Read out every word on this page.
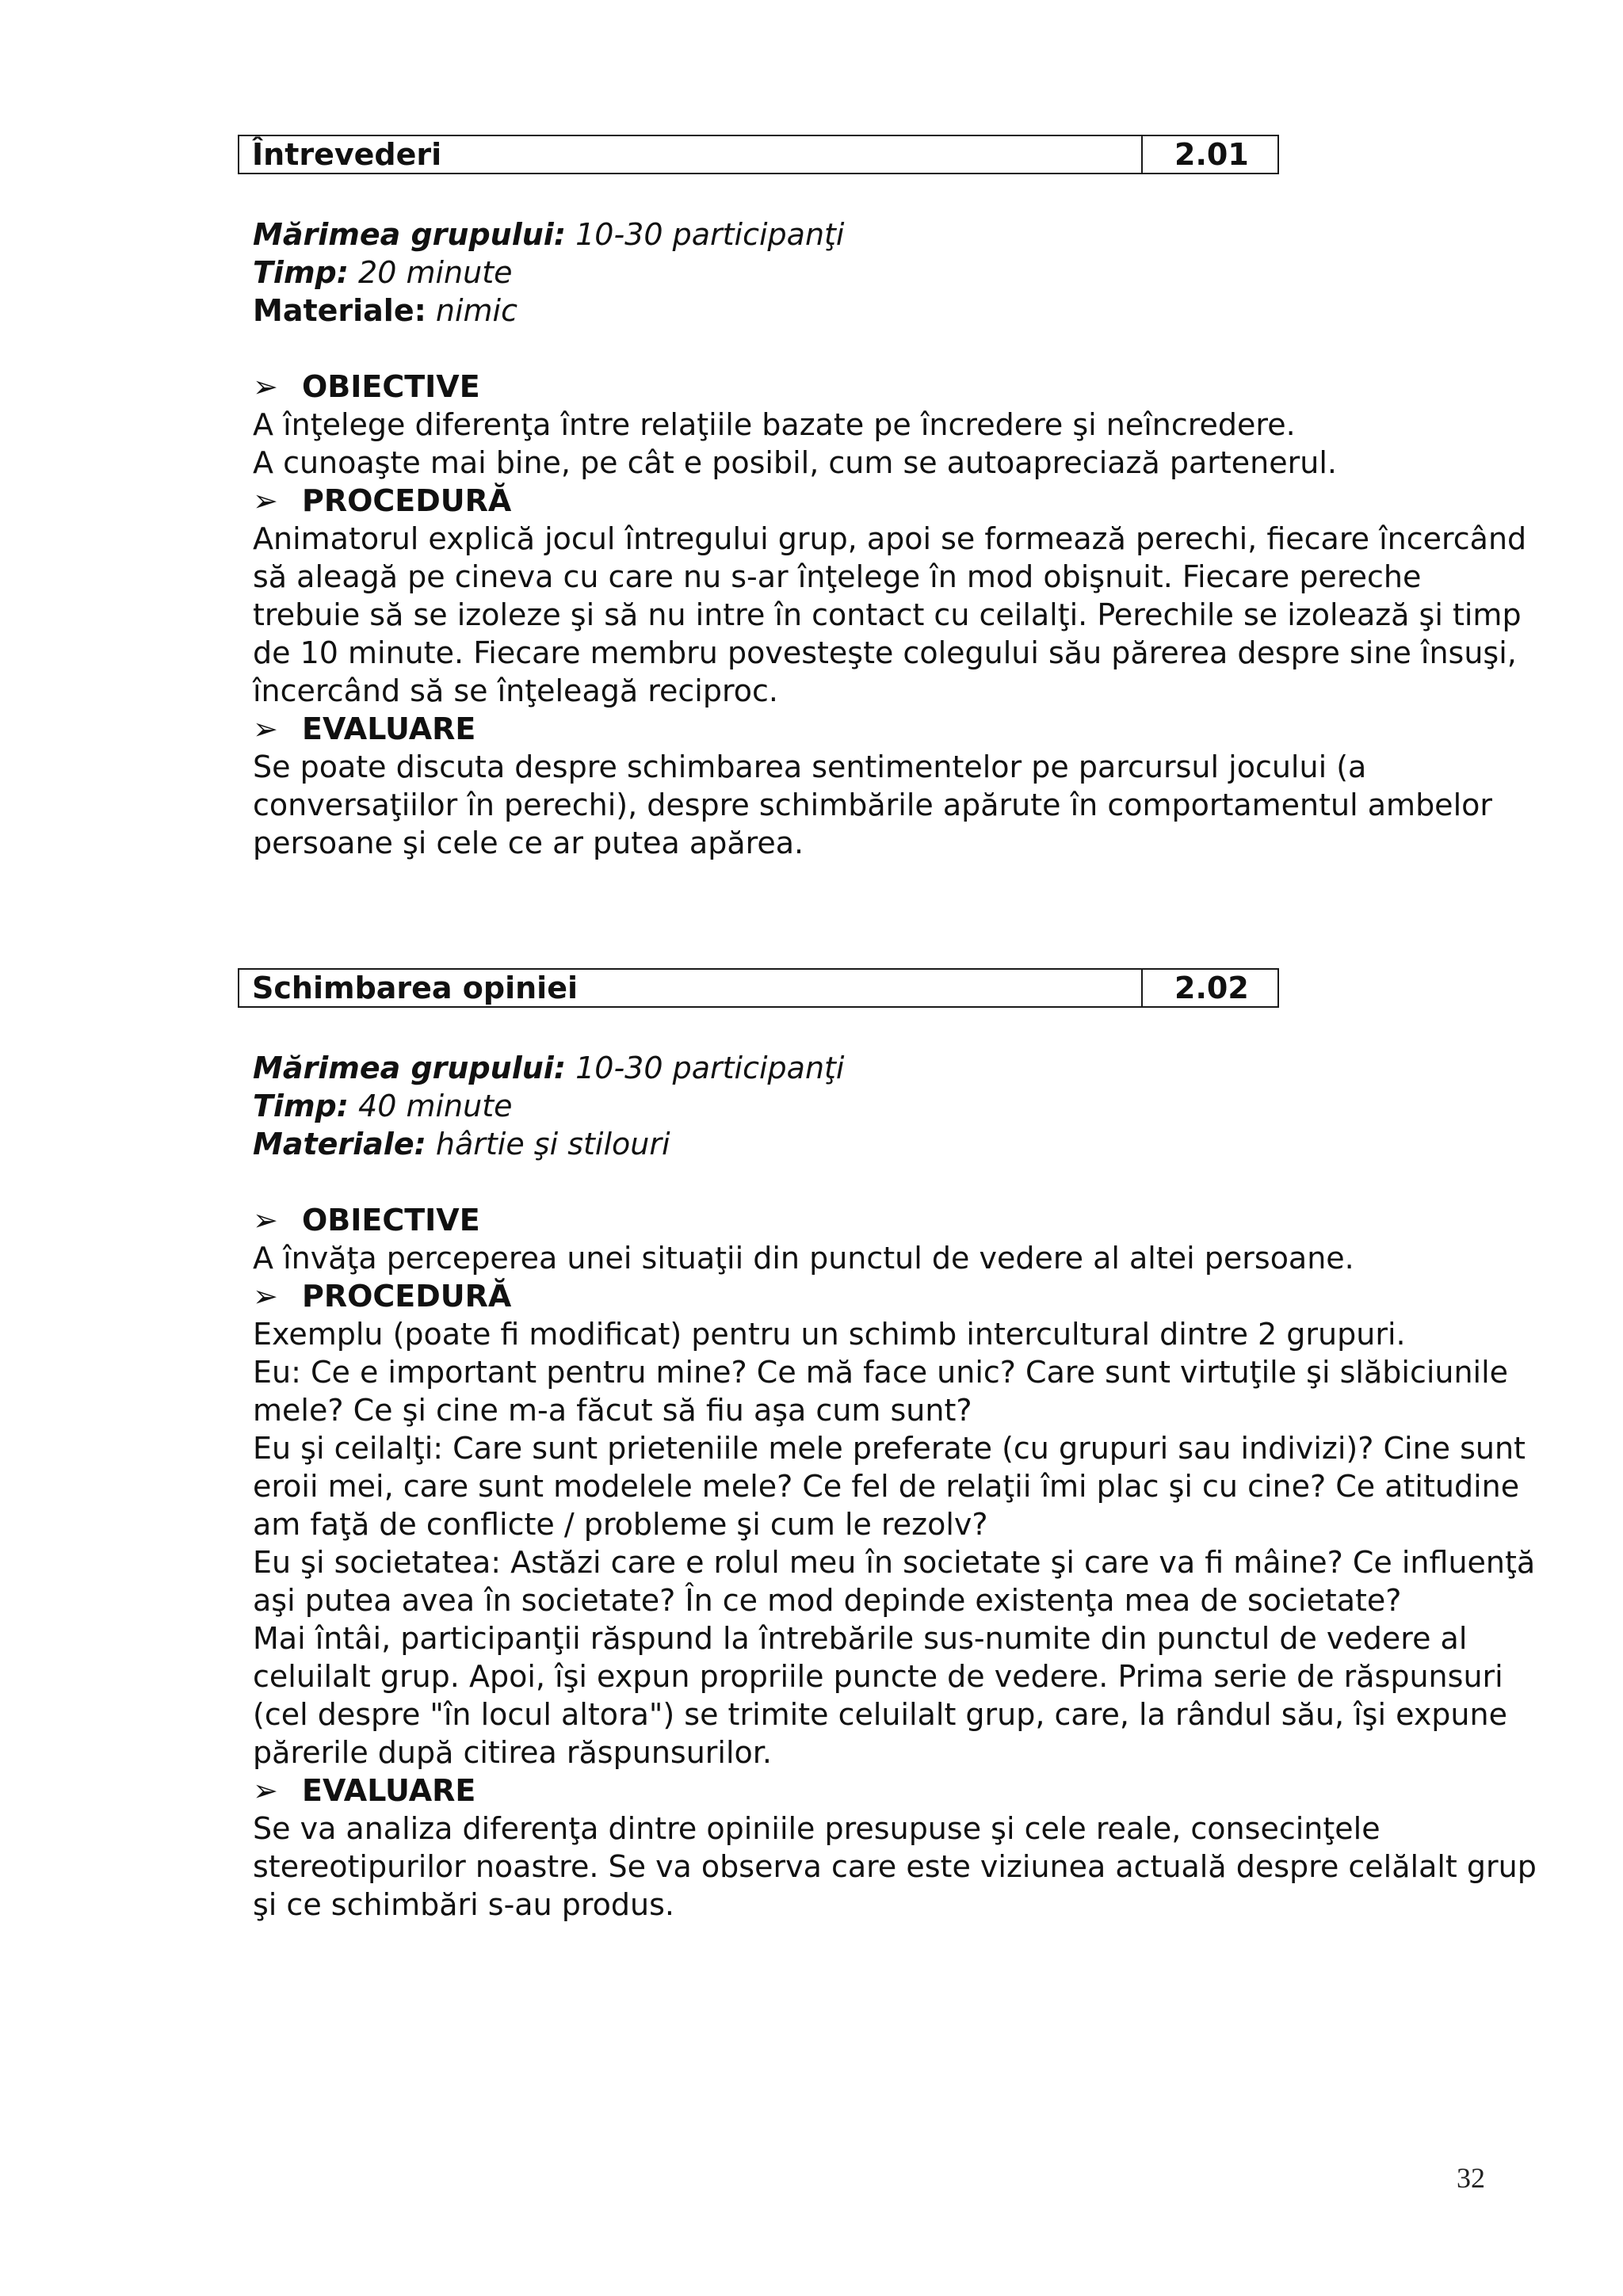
Întrevederi	2.01
Mărimea grupului: 10-30 participanţi
Timp: 20 minute
Materiale: nimic
➢ OBIECTIVE
A înţelege diferenţa între relaţiile bazate pe încredere şi neîncredere.
A cunoaşte mai bine, pe cât e posibil, cum se autoapreciază partenerul.
➢ PROCEDURĂ
Animatorul explică jocul întregului grup, apoi se formează perechi, fiecare încercând
să aleagă pe cineva cu care nu s-ar înţelege în mod obişnuit. Fiecare pereche
trebuie să se izoleze şi să nu intre în contact cu ceilalţi. Perechile se izolează şi timp
de 10 minute. Fiecare membru povesteşte colegului său părerea despre sine însuşi,
încercând să se înţeleagă reciproc.
➢ EVALUARE
Se poate discuta despre schimbarea sentimentelor pe parcursul jocului (a
conversaţiilor în perechi), despre schimbările apărute în comportamentul ambelor
persoane şi cele ce ar putea apărea.
Schimbarea opiniei	2.02
Mărimea grupului: 10-30 participanţi
Timp: 40 minute
Materiale: hârtie şi stilouri
➢ OBIECTIVE
A învăţa perceperea unei situaţii din punctul de vedere al altei persoane.
➢ PROCEDURĂ
Exemplu (poate fi modificat) pentru un schimb intercultural dintre 2 grupuri.
Eu: Ce e important pentru mine? Ce mă face unic? Care sunt virtuţile şi slăbiciunile
mele? Ce şi cine m-a făcut să fiu aşa cum sunt?
Eu şi ceilalţi: Care sunt prieteniile mele preferate (cu grupuri sau indivizi)? Cine sunt
eroii mei, care sunt modelele mele? Ce fel de relaţii îmi plac şi cu cine? Ce atitudine
am faţă de conflicte / probleme şi cum le rezolv?
Eu şi societatea: Astăzi care e rolul meu în societate şi care va fi mâine? Ce influenţă
aşi putea avea în societate? În ce mod depinde existenţa mea de societate?
Mai întâi, participanţii răspund la întrebările sus-numite din punctul de vedere al
celuilalt grup. Apoi, îşi expun propriile puncte de vedere. Prima serie de răspunsuri
(cel despre "în locul altora") se trimite celuilalt grup, care, la rândul său, îşi expune
părerile după citirea răspunsurilor.
➢ EVALUARE
Se va analiza diferenţa dintre opiniile presupuse şi cele reale, consecinţele
stereotipurilor noastre. Se va observa care este viziunea actuală despre celălalt grup
şi ce schimbări s-au produs.
32
